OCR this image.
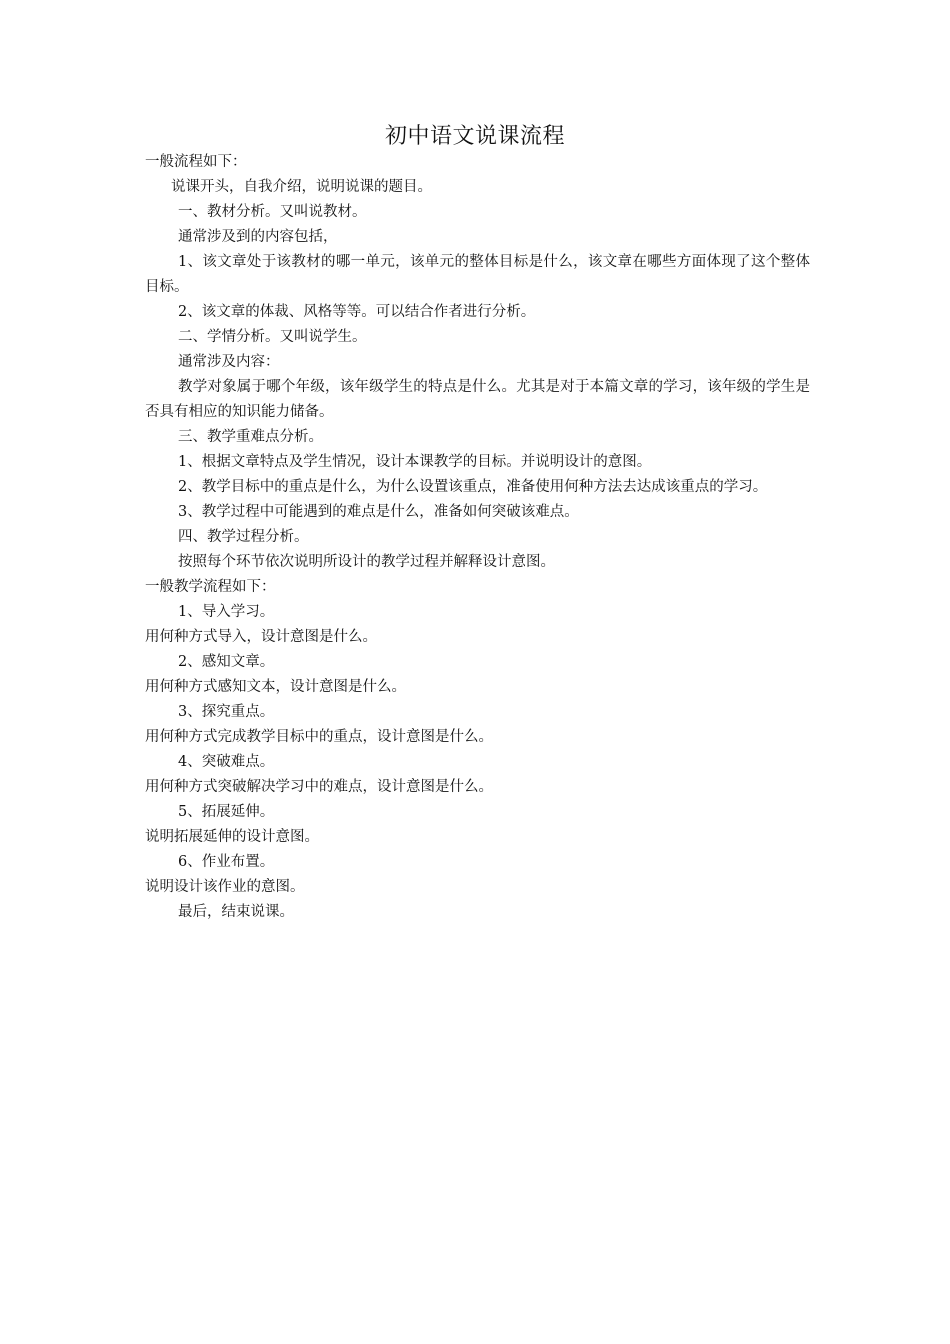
初中语文说课流程

一般流程如下：

说课开头，自我介绍，说明说课的题目。

一、教材分析。又叫说教材。

通常涉及到的内容包括，

1、该文章处于该教材的哪一单元，该单元的整体目标是什么，该文章在哪些方面体现了这个整体目标。

2、该文章的体裁、风格等等。可以结合作者进行分析。

二、学情分析。又叫说学生。

通常涉及内容：

教学对象属于哪个年级，该年级学生的特点是什么。尤其是对于本篇文章的学习，该年级的学生是否具有相应的知识能力储备。

三、教学重难点分析。

1、根据文章特点及学生情况，设计本课教学的目标。并说明设计的意图。

2、教学目标中的重点是什么，为什么设置该重点，准备使用何种方法去达成该重点的学习。

3、教学过程中可能遇到的难点是什么，准备如何突破该难点。

四、教学过程分析。

按照每个环节依次说明所设计的教学过程并解释设计意图。

一般教学流程如下：

1、导入学习。

用何种方式导入，设计意图是什么。

2、感知文章。

用何种方式感知文本，设计意图是什么。

3、探究重点。

用何种方式完成教学目标中的重点，设计意图是什么。

4、突破难点。

用何种方式突破解决学习中的难点，设计意图是什么。

5、拓展延伸。

说明拓展延伸的设计意图。

6、作业布置。

说明设计该作业的意图。

最后，结束说课。
